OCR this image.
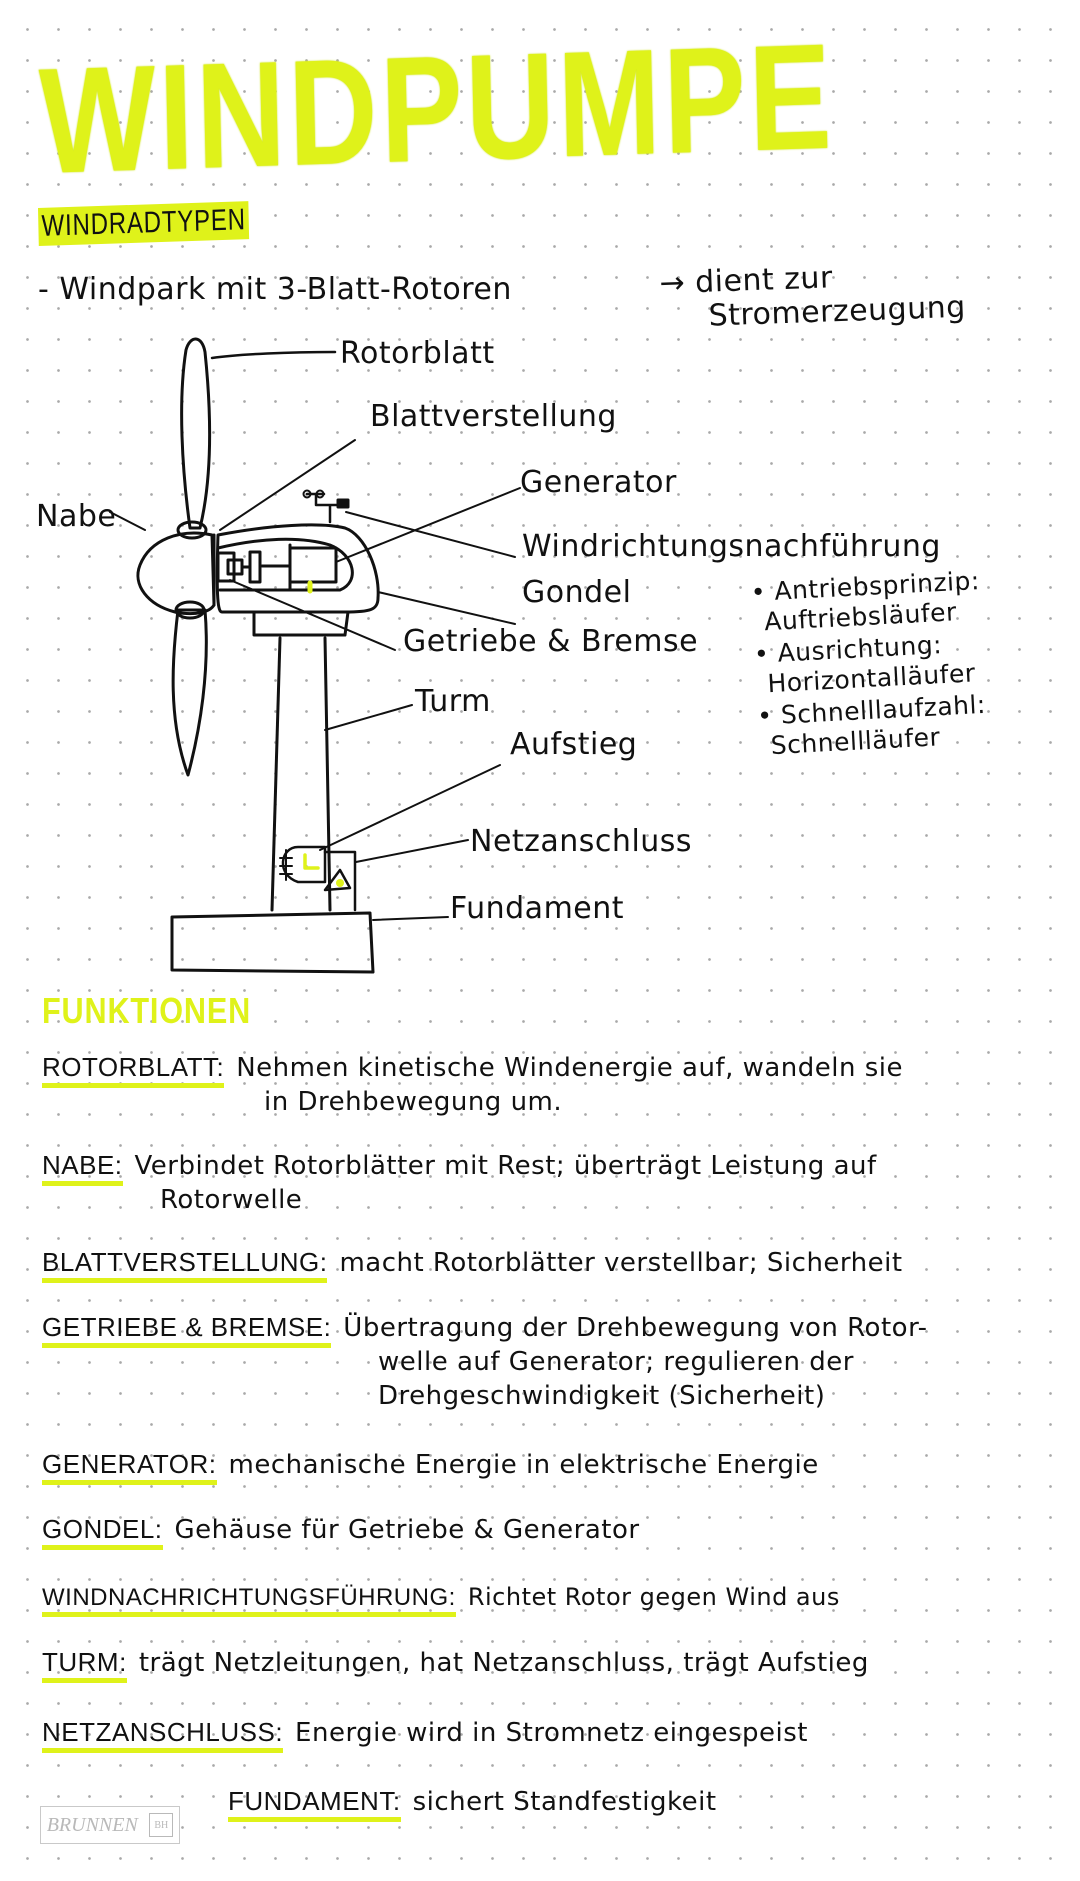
WINDPUMPE
WINDRADTYPEN
- Windpark mit 3-Blatt-Rotoren	→ dient zur
Stromerzeugung
Rotorblatt
Blattverstellung
Generator
Nabe
Windrichtungsnachführung
Gondel
Getriebe & Bremse
Turm
Aufstieg
Netzanschluss
Fundament
• Antriebsprinzip:
Auftriebsläufer
• Ausrichtung:
Horizontalläufer
• Schnelllaufzahl:
Schnellläufer
FUNKTIONEN
ROTORBLATT: Nehmen kinetische Windenergie auf, wandeln sie
in Drehbewegung um.
NABE: Verbindet Rotorblätter mit Rest; überträgt Leistung auf
Rotorwelle
BLATTVERSTELLUNG: macht Rotorblätter verstellbar; Sicherheit
GETRIEBE & BREMSE: Übertragung der Drehbewegung von Rotor-
welle auf Generator; regulieren der
Drehgeschwindigkeit (Sicherheit)
GENERATOR: mechanische Energie in elektrische Energie
GONDEL: Gehäuse für Getriebe & Generator
WINDNACHRICHTUNGSFÜHRUNG: Richtet Rotor gegen Wind aus
TURM: trägt Netzleitungen, hat Netzanschluss, trägt Aufstieg
NETZANSCHLUSS: Energie wird in Stromnetz eingespeist
FUNDAMENT: sichert Standfestigkeit
BRUNNEN	BH
